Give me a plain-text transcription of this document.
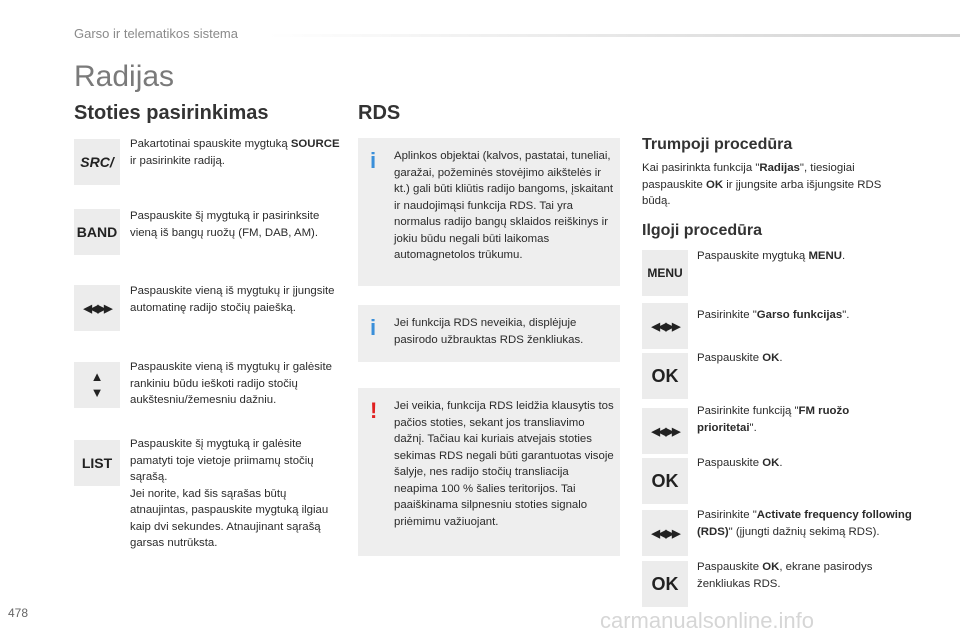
Garso ir telematikos sistema
Radijas
Stoties pasirinkimas
SRC/
Pakartotinai spauskite mygtuką SOURCE ir pasirinkite radiją.
BAND
Paspauskite šį mygtuką ir pasirinksite vieną iš bangų ruožų (FM, DAB, AM).
◀◀ ▶▶
Paspauskite vieną iš mygtukų ir įjungsite automatinę radijo stočių paiešką.
▲
▼
Paspauskite vieną iš mygtukų ir galėsite rankiniu būdu ieškoti radijo stočių aukštesniu/žemesniu dažniu.
LIST
Paspauskite šį mygtuką ir galėsite pamatyti toje vietoje priimamų stočių sąrašą.
Jei norite, kad šis sąrašas būtų atnaujintas, paspauskite mygtuką ilgiau kaip dvi sekundes. Atnaujinant sąrašą garsas nutrūksta.
RDS
i Aplinkos objektai (kalvos, pastatai, tuneliai, garažai, požeminės stovėjimo aikštelės ir kt.) gali būti kliūtis radijo bangoms, įskaitant ir naudojimąsi funkcija RDS. Tai yra normalus radijo bangų sklaidos reiškinys ir jokiu būdu negali būti laikomas automagnetolos trūkumu.
i Jei funkcija RDS neveikia, displėjuje pasirodo užbrauktas RDS ženkliukas.
! Jei veikia, funkcija RDS leidžia klausytis tos pačios stoties, sekant jos transliavimo dažnį. Tačiau kai kuriais atvejais stoties sekimas RDS negali būti garantuotas visoje šalyje, nes radijo stočių transliacija neapima 100 % šalies teritorijos. Tai paaiškinama silpnesniu stoties signalo priėmimu važiuojant.
Trumpoji procedūra
Kai pasirinkta funkcija "Radijas", tiesiogiai paspauskite OK ir įjungsite arba išjungsite RDS būdą.
Ilgoji procedūra
MENU
Paspauskite mygtuką MENU.
◀◀ ▶▶
Pasirinkite "Garso funkcijas".
OK
Paspauskite OK.
◀◀ ▶▶
Pasirinkite funkciją "FM ruožo prioritetai".
OK
Paspauskite OK.
◀◀ ▶▶
Pasirinkite "Activate frequency following (RDS)" (įjungti dažnių sekimą RDS).
OK
Paspauskite OK, ekrane pasirodys ženkliukas RDS.
478	carmanualsonline.info
